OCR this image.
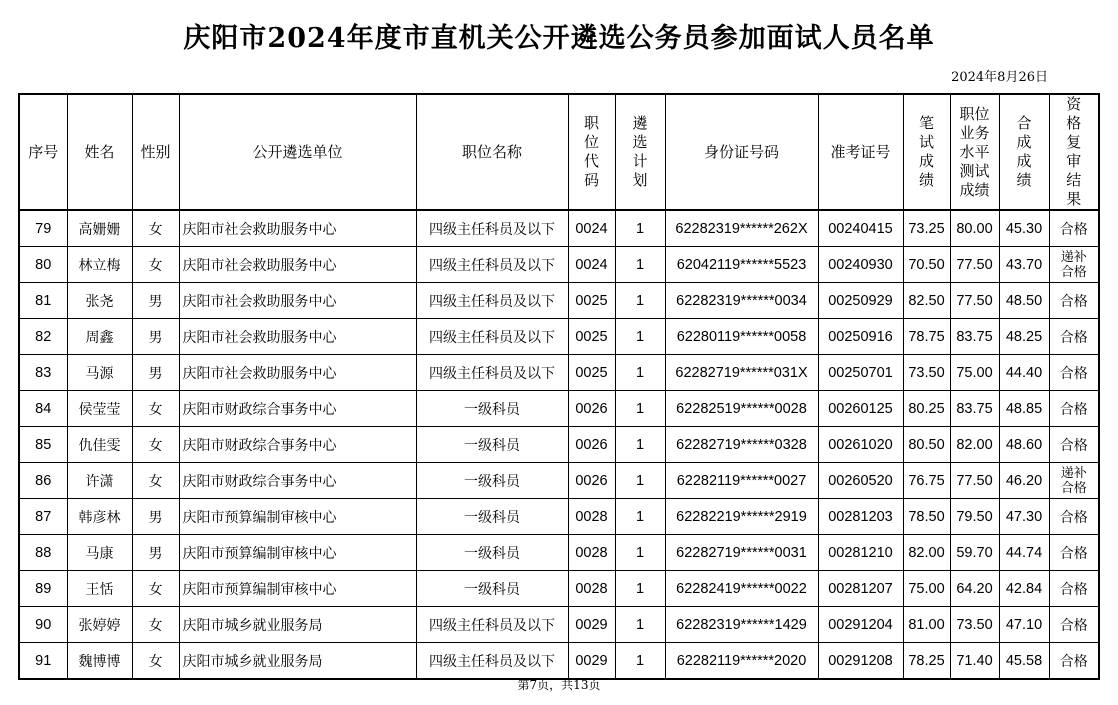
庆阳市2024年度市直机关公开遴选公务员参加面试人员名单
2024年8月26日
序号	姓名	性别	公开遴选单位	职位名称	职位代码	遴选计划	身份证号码	准考证号	笔试成绩	职位业务水平测试成绩	合成成绩	资格复审结果
79	高姗姗	女	庆阳市社会救助服务中心	四级主任科员及以下	0024	1	62282319******262X	00240415	73.25	80.00	45.30	合格
80	林立梅	女	庆阳市社会救助服务中心	四级主任科员及以下	0024	1	62042119******5523	00240930	70.50	77.50	43.70	递补合格
81	张尧	男	庆阳市社会救助服务中心	四级主任科员及以下	0025	1	62282319******0034	00250929	82.50	77.50	48.50	合格
82	周鑫	男	庆阳市社会救助服务中心	四级主任科员及以下	0025	1	62280119******0058	00250916	78.75	83.75	48.25	合格
83	马源	男	庆阳市社会救助服务中心	四级主任科员及以下	0025	1	62282719******031X	00250701	73.50	75.00	44.40	合格
84	侯莹莹	女	庆阳市财政综合事务中心	一级科员	0026	1	62282519******0028	00260125	80.25	83.75	48.85	合格
85	仇佳雯	女	庆阳市财政综合事务中心	一级科员	0026	1	62282719******0328	00261020	80.50	82.00	48.60	合格
86	许潇	女	庆阳市财政综合事务中心	一级科员	0026	1	62282119******0027	00260520	76.75	77.50	46.20	递补合格
87	韩彦林	男	庆阳市预算编制审核中心	一级科员	0028	1	62282219******2919	00281203	78.50	79.50	47.30	合格
88	马康	男	庆阳市预算编制审核中心	一级科员	0028	1	62282719******0031	00281210	82.00	59.70	44.74	合格
89	王恬	女	庆阳市预算编制审核中心	一级科员	0028	1	62282419******0022	00281207	75.00	64.20	42.84	合格
90	张婷婷	女	庆阳市城乡就业服务局	四级主任科员及以下	0029	1	62282319******1429	00291204	81.00	73.50	47.10	合格
91	魏博博	女	庆阳市城乡就业服务局	四级主任科员及以下	0029	1	62282119******2020	00291208	78.25	71.40	45.58	合格
第7页，共13页
